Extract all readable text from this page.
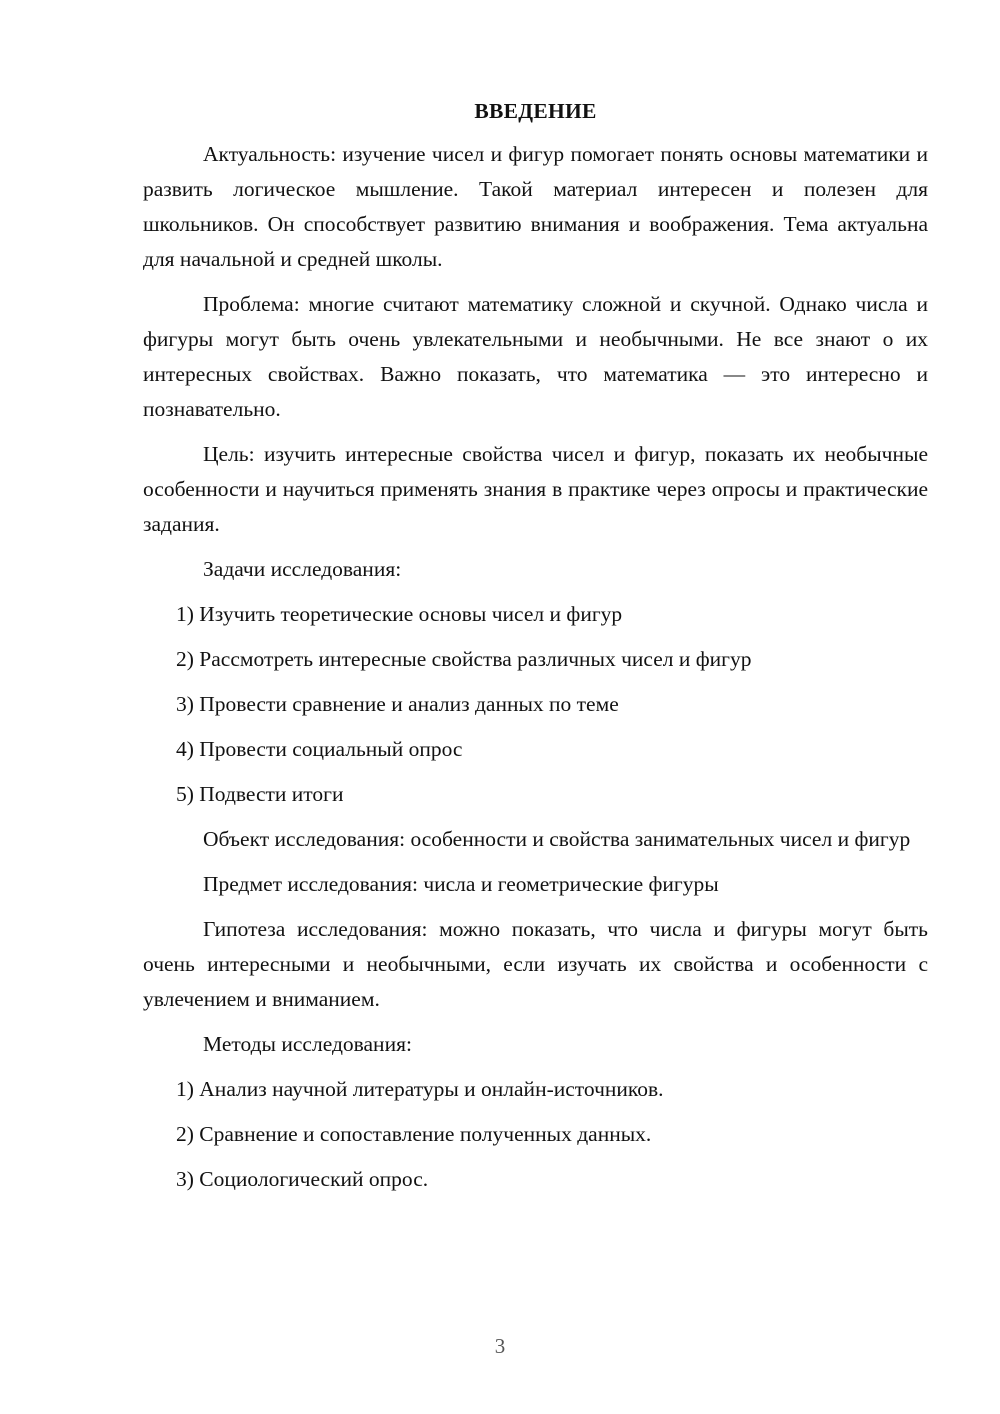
ВВЕДЕНИЕ
Актуальность: изучение чисел и фигур помогает понять основы математики и развить логическое мышление. Такой материал интересен и полезен для школьников. Он способствует развитию внимания и воображения. Тема актуальна для начальной и средней школы.
Проблема: многие считают математику сложной и скучной. Однако числа и фигуры могут быть очень увлекательными и необычными. Не все знают о их интересных свойствах. Важно показать, что математика — это интересно и познавательно.
Цель: изучить интересные свойства чисел и фигур, показать их необычные особенности и научиться применять знания в практике через опросы и практические задания.
Задачи исследования:
1) Изучить теоретические основы чисел и фигур
2) Рассмотреть интересные свойства различных чисел и фигур
3) Провести сравнение и анализ данных по теме
4) Провести социальный опрос
5) Подвести итоги
Объект исследования: особенности и свойства занимательных чисел и фигур
Предмет исследования: числа и геометрические фигуры
Гипотеза исследования: можно показать, что числа и фигуры могут быть очень интересными и необычными, если изучать их свойства и особенности с увлечением и вниманием.
Методы исследования:
1) Анализ научной литературы и онлайн-источников.
2) Сравнение и сопоставление полученных данных.
3) Социологический опрос.
3
